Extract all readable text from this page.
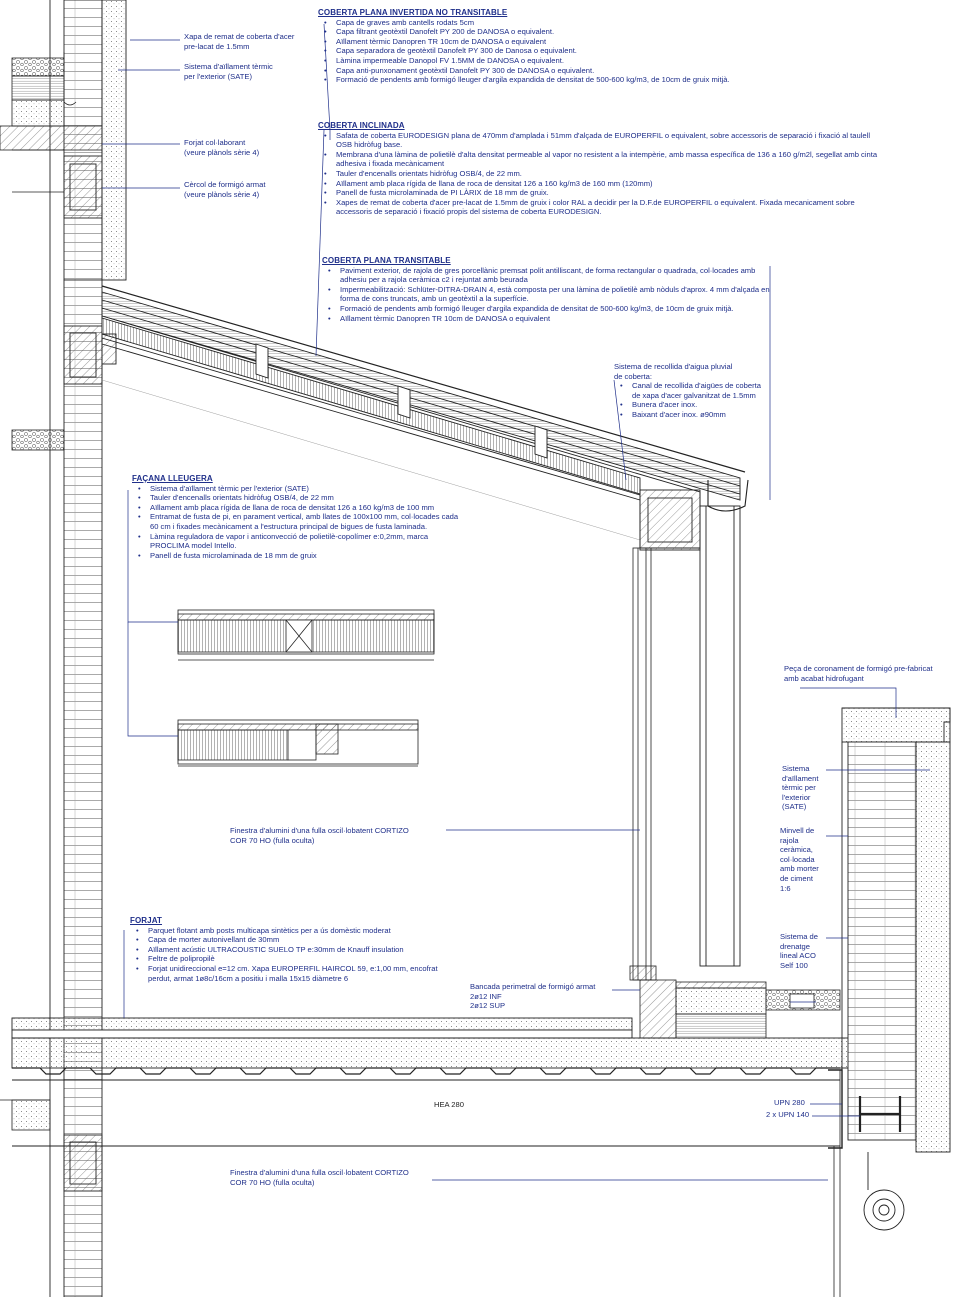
COBERTA PLANA INVERTIDA NO TRANSITABLE
• Capa de graves amb cantells rodats 5cm
• Capa filtrant geotèxtil Danofelt PY 200 de DANOSA o equivalent.
• Aïllament tèrmic Danopren TR 10cm de DANOSA o equivalent
• Capa separadora de geotèxtil Danofelt PY 300 de Danosa o equivalent.
• Làmina impermeable Danopol FV 1.5MM de DANOSA o equivalent.
• Capa anti-punxonament geotèxtil Danofelt PY 300 de DANOSA o equivalent.
• Formació de pendents amb formigó lleuger d'argila expandida de densitat de 500-600 kg/m3, de 10cm de gruix mitjà.
COBERTA INCLINADA
• Safata de coberta EURODESIGN plana de 470mm d'amplada i 51mm d'alçada de EUROPERFIL o equivalent, sobre accessoris de separació i fixació al taulell OSB hidròfug base.
• Membrana d'una làmina de polietilè d'alta densitat permeable al vapor no resistent a la intempèrie, amb massa específica de 136 a 160 g/m2l, segellat amb cinta adhesiva i fixada mecànicament
• Tauler d'encenalls orientats hidròfug OSB/4, de 22 mm.
• Aïllament amb placa rígida de llana de roca de densitat 126 a 160 kg/m3 de 160 mm (120mm)
• Panell de fusta microlaminada de PI LÀRIX de 18 mm de gruix.
• Xapes de remat de coberta d'acer pre-lacat de 1.5mm de gruix i color RAL a decidir per la D.F.de EUROPERFIL o equivalent. Fixada mecanicament sobre accessoris de separació i fixació propis del sistema de coberta EURODESIGN.
COBERTA PLANA TRANSITABLE
• Paviment exterior, de rajola de gres porcellànic premsat polit antilliscant, de forma rectangular o quadrada, col·locades amb adhesiu per a rajola ceràmica c2 i rejuntat amb beurada
• Impermeabilització: Schlüter-DITRA-DRAIN 4, està composta per una làmina de polietilè amb nòduls d'aprox. 4 mm d'alçada en forma de cons truncats, amb un geotèxtil a la superfície.
• Formació de pendents amb formigó lleuger d'argila expandida de densitat de 500-600 kg/m3, de 10cm de gruix mitjà.
• Aïllament tèrmic Danopren TR 10cm de DANOSA o equivalent
Sistema de recollida d'aigua pluvial
de coberta:
• Canal de recollida d'aigües de coberta de xapa d'acer galvanitzat de 1.5mm
• Bunera d'acer inox.
• Baixant d'acer inox. ø90mm
FAÇANA LLEUGERA
• Sistema d'aïllament tèrmic per l'exterior (SATE)
• Tauler d'encenalls orientats hidròfug OSB/4, de 22 mm
• Aïllament amb placa rígida de llana de roca de densitat 126 a 160 kg/m3 de 100 mm
• Entramat de fusta de pi, en parament vertical, amb llates de 100x100 mm, col·locades cada 60 cm i fixades mecànicament a l'estructura principal de bigues de fusta laminada.
• Làmina reguladora de vapor i anticonvecció de polietilè-copolímer e:0,2mm, marca PROCLIMA model Intello.
• Panell de fusta microlaminada de 18 mm de gruix
FORJAT
• Parquet flotant amb posts multicapa sintètics per a ús domèstic moderat
• Capa de morter autonivellant de 30mm
• Aïllament acústic ULTRACOUSTIC SUELO TP e:30mm de Knauff insulation
• Feltre de polipropilè
• Forjat unidireccional e=12 cm. Xapa EUROPERFIL HAIRCOL 59, e:1,00 mm, encofrat perdut, armat 1ø8c/16cm a positiu i malla 15x15 diàmetre 6
Xapa de remat de coberta d'acer
pre-lacat de 1.5mm
Sistema d'aïllament tèrmic
per l'exterior (SATE)
Forjat col·laborant
(veure plànols sèrie 4)
Cèrcol de formigó armat
(veure plànols sèrie 4)
Peça de coronament de formigó pre-fabricat
amb acabat hidrofugant
Sistema
d'aïllament
tèrmic per
l'exterior
(SATE)
Minvell de
rajola
ceràmica,
col·locada
amb morter
de ciment
1:6
Sistema de
drenatge
lineal ACO
Self 100
Finestra d'alumini d'una fulla oscil·lobatent CORTIZO
COR 70 HO (fulla oculta)
Bancada perimetral de formigó armat
2ø12 INF
2ø12 SUP
HEA 280	UPN 280
2 x UPN 140
Finestra d'alumini d'una fulla oscil·lobatent CORTIZO
COR 70 HO (fulla oculta)
